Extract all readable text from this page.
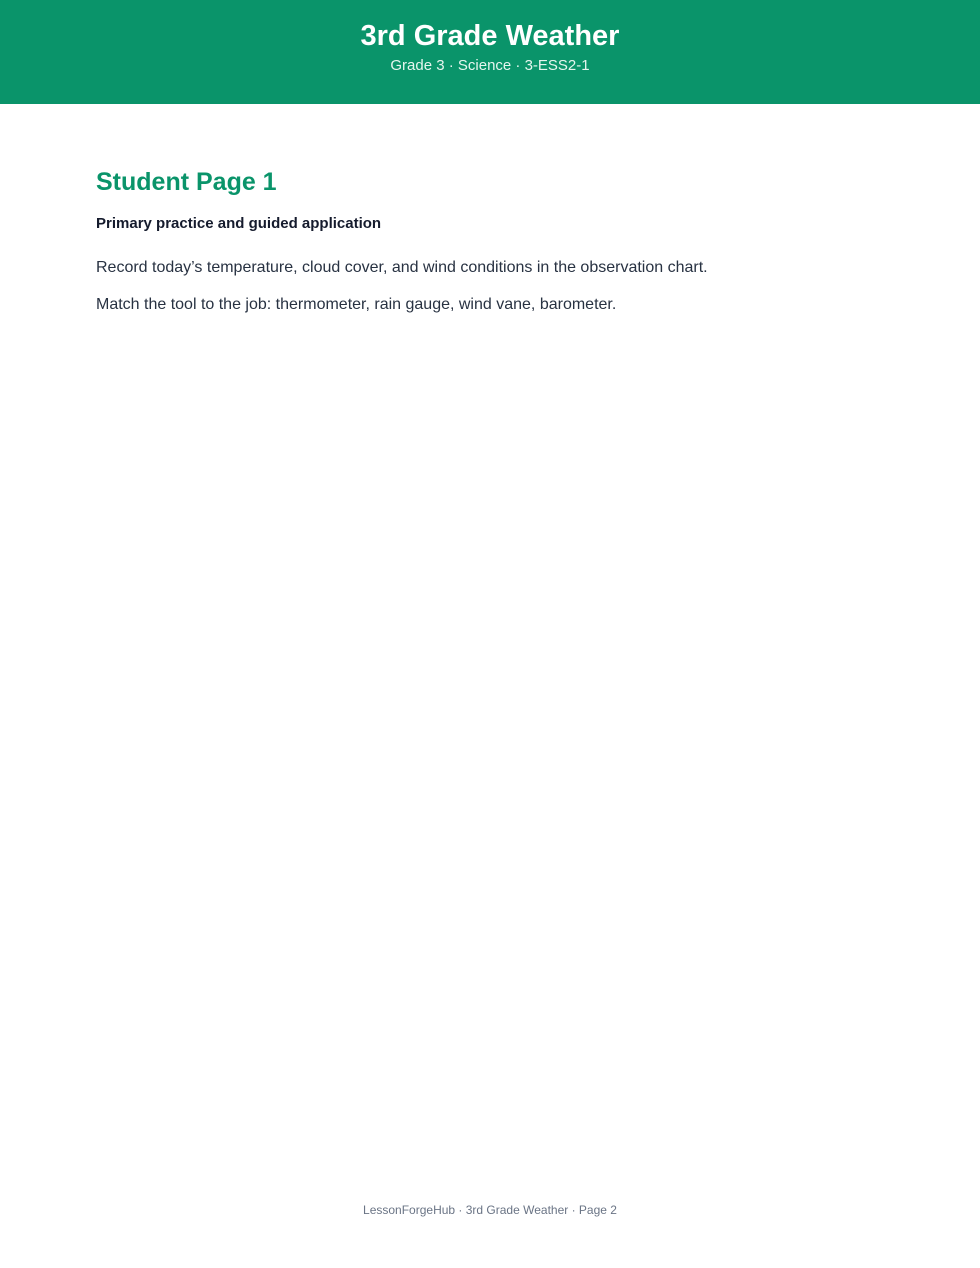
3rd Grade Weather
Grade 3 · Science · 3-ESS2-1
Student Page 1
Primary practice and guided application

Record today’s temperature, cloud cover, and wind conditions in the observation chart.

Match the tool to the job: thermometer, rain gauge, wind vane, barometer.

LessonForgeHub · 3rd Grade Weather · Page 2
